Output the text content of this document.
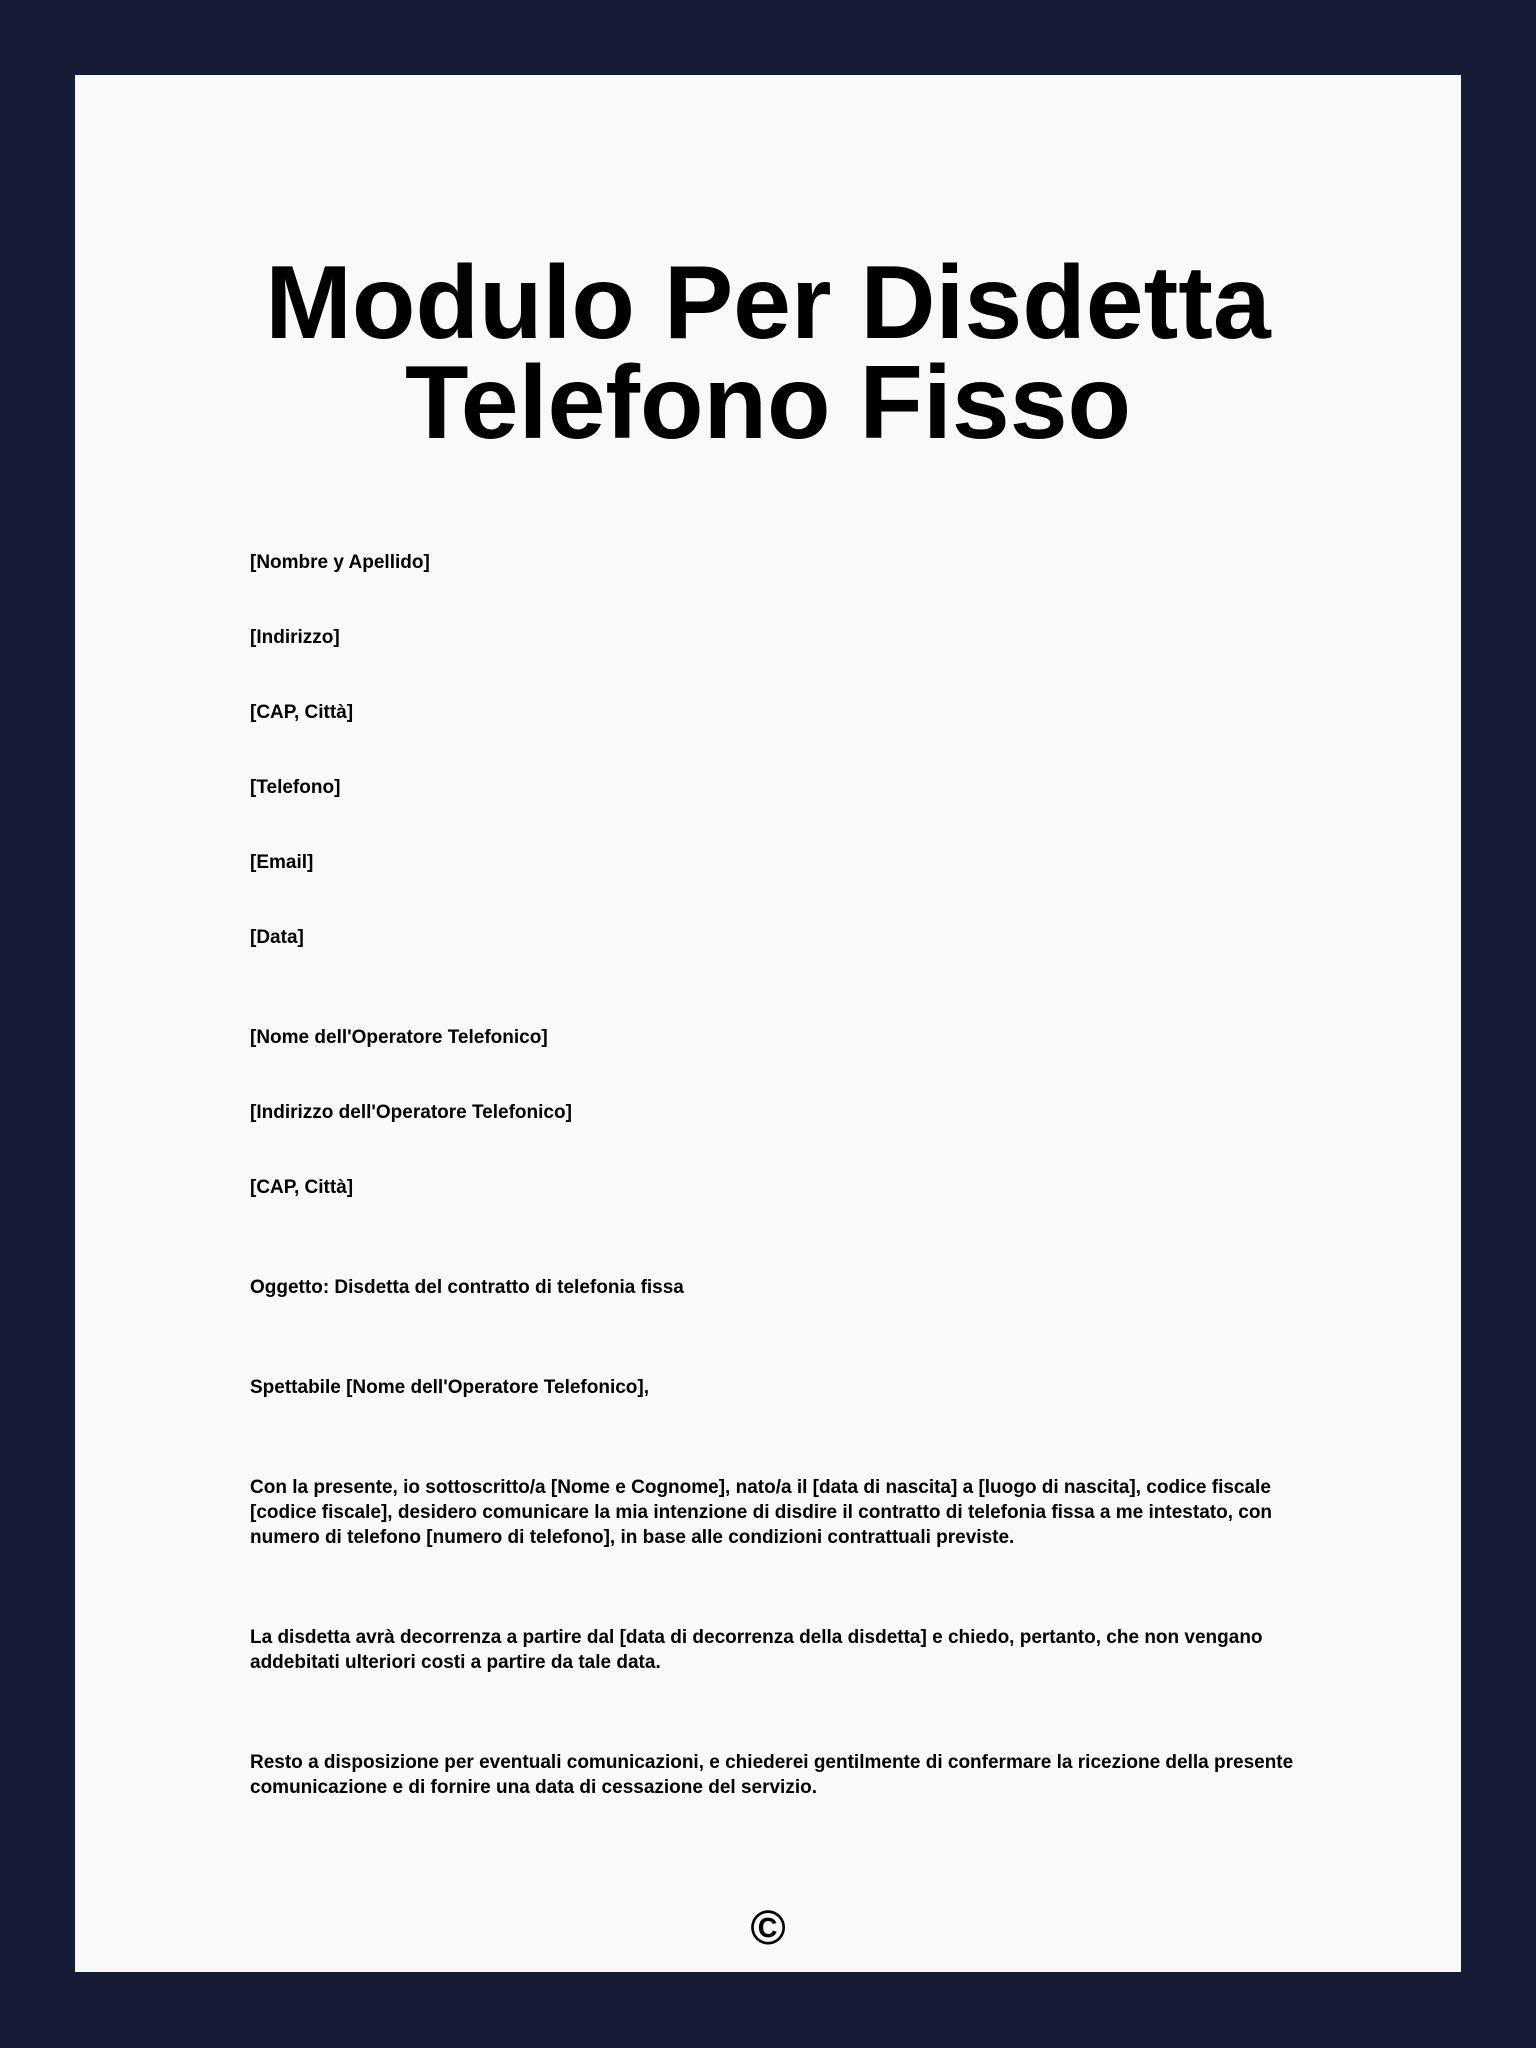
Modulo Per Disdetta
Telefono Fisso

[Nombre y Apellido]

[Indirizzo]

[CAP, Città]

[Telefono]

[Email]

[Data]

[Nome dell'Operatore Telefonico]

[Indirizzo dell'Operatore Telefonico]

[CAP, Città]

Oggetto: Disdetta del contratto di telefonia fissa

Spettabile [Nome dell'Operatore Telefonico],

Con la presente, io sottoscritto/a [Nome e Cognome], nato/a il [data di nascita] a [luogo di nascita], codice fiscale [codice fiscale], desidero comunicare la mia intenzione di disdire il contratto di telefonia fissa a me intestato, con numero di telefono [numero di telefono], in base alle condizioni contrattuali previste.

La disdetta avrà decorrenza a partire dal [data di decorrenza della disdetta] e chiedo, pertanto, che non vengano addebitati ulteriori costi a partire da tale data.

Resto a disposizione per eventuali comunicazioni, e chiederei gentilmente di confermare la ricezione della presente comunicazione e di fornire una data di cessazione del servizio.

©
